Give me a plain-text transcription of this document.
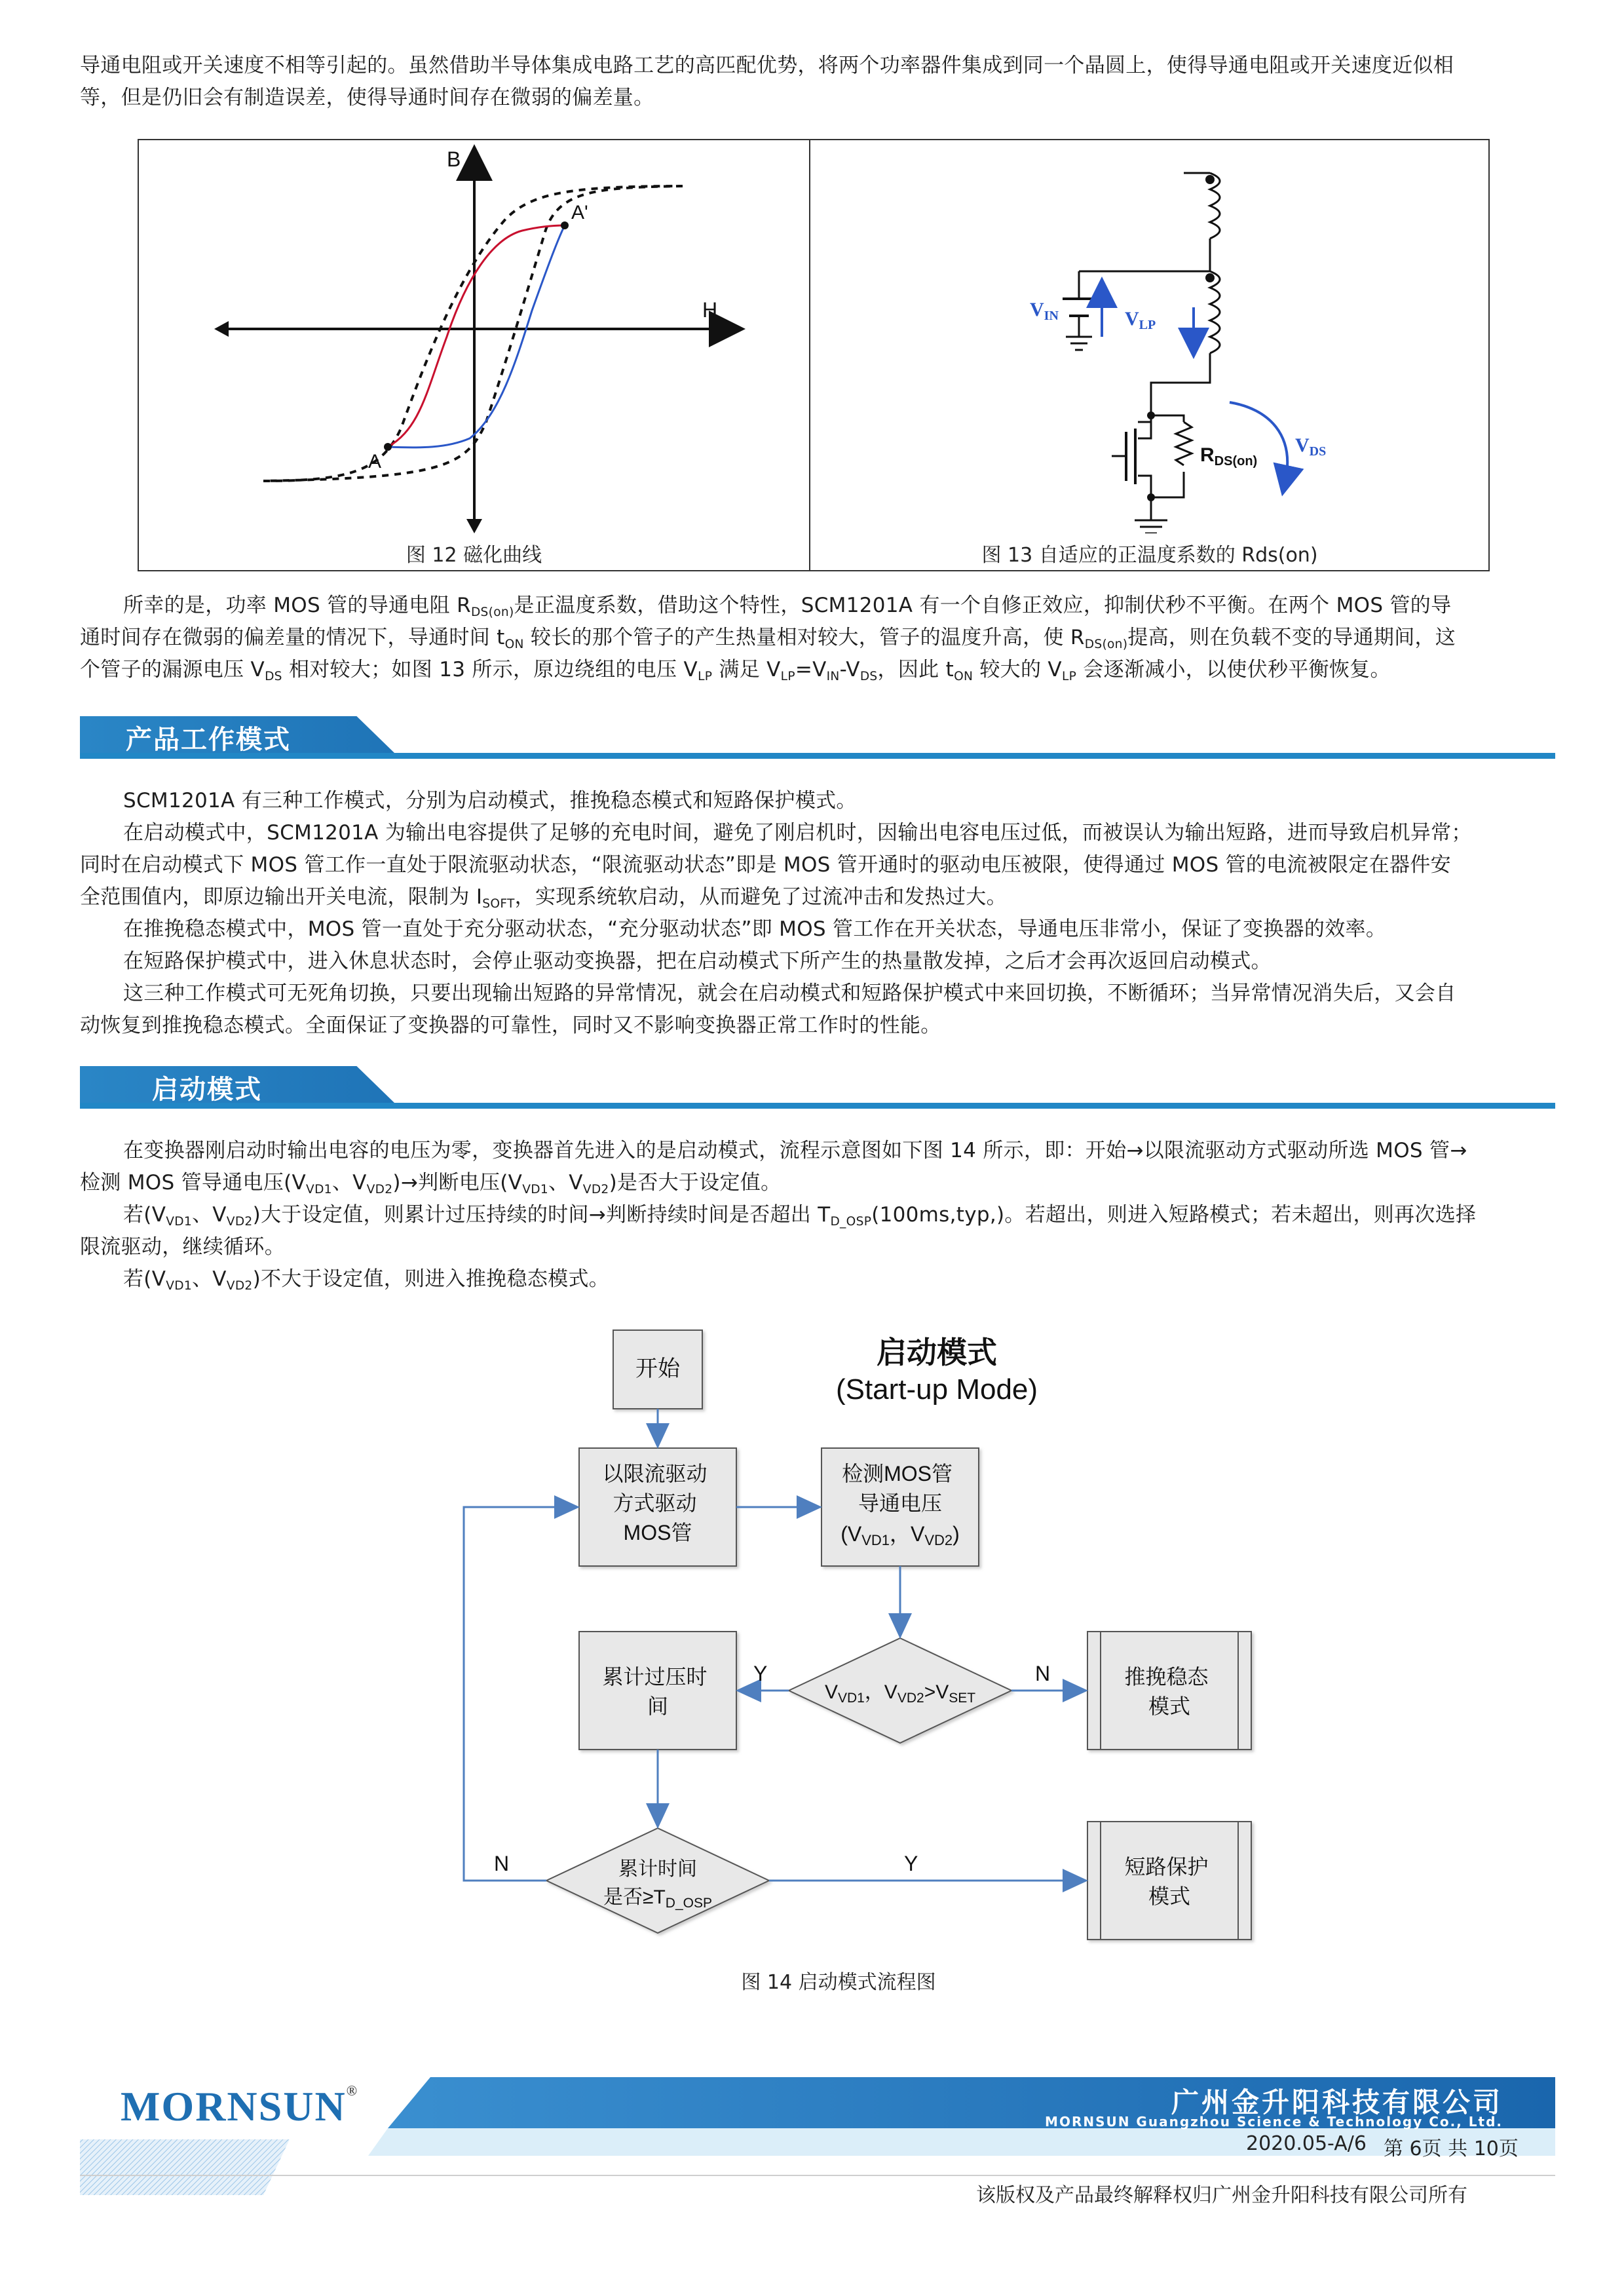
导通电阻或开关速度不相等引起的。虽然借助半导体集成电路工艺的高匹配优势，将两个功率器件集成到同一个晶圆上，使得导通电阻或开关速度近似相
等，但是仍旧会有制造误差，使得导通时间存在微弱的偏差量。
B
H
A
A'
图 12 磁化曲线
$V_{IN}$	$V_{LP}$
$R_{DS(on)}$
$V_{DS}$
图 13 自适应的正温度系数的 Rds(on)
所幸的是，功率 MOS 管的导通电阻 $R_{DS(on)}$是正温度系数，借助这个特性，SCM1201A 有一个自修正效应，抑制伏秒不平衡。在两个 MOS 管的导
通时间存在微弱的偏差量的情况下，导通时间 $t_{ON}$ 较长的那个管子的产生热量相对较大，管子的温度升高，使 $R_{DS(on)}$提高，则在负载不变的导通期间，这
个管子的漏源电压 $V_{DS}$ 相对较大；如图 13 所示，原边绕组的电压 $V_{LP}$ 满足 $V_{LP}=V_{IN}-V_{DS}$，因此 $t_{ON}$ 较大的 $V_{LP}$ 会逐渐减小，以使伏秒平衡恢复。
产品工作模式
SCM1201A 有三种工作模式，分别为启动模式，推挽稳态模式和短路保护模式。
在启动模式中，SCM1201A 为输出电容提供了足够的充电时间，避免了刚启机时，因输出电容电压过低，而被误认为输出短路，进而导致启机异常；
同时在启动模式下 MOS 管工作一直处于限流驱动状态，“限流驱动状态”即是 MOS 管开通时的驱动电压被限，使得通过 MOS 管的电流被限定在器件安
全范围值内，即原边输出开关电流，限制为 $I_{SOFT}$，实现系统软启动，从而避免了过流冲击和发热过大。
在推挽稳态模式中，MOS 管一直处于充分驱动状态，“充分驱动状态”即 MOS 管工作在开关状态，导通电压非常小，保证了变换器的效率。
在短路保护模式中，进入休息状态时，会停止驱动变换器，把在启动模式下所产生的热量散发掉，之后才会再次返回启动模式。
这三种工作模式可无死角切换，只要出现输出短路的异常情况，就会在启动模式和短路保护模式中来回切换，不断循环；当异常情况消失后，又会自
动恢复到推挽稳态模式。全面保证了变换器的可靠性，同时又不影响变换器正常工作时的性能。
启动模式
在变换器刚启动时输出电容的电压为零，变换器首先进入的是启动模式，流程示意图如下图 14 所示，即：开始→以限流驱动方式驱动所选 MOS 管→
检测 MOS 管导通电压($V_{VD1}$、$V_{VD2})\to$判断电压($V_{VD1}$、$V_{VD2}$)是否大于设定值。
若($V_{VD1}$、$V_{VD2}$)大于设定值，则累计过压持续的时间→判断持续时间是否超出 $T_{D\_OSP}(100ms,typ,)$。若超出，则进入短路模式；若未超出，则再次选择
限流驱动，继续循环。
若($V_{VD1}$、$V_{VD2}$)不大于设定值，则进入推挽稳态模式。
启动模式
(Start-up Mode)
开始
以限流驱动 方式驱动 MOS管
检测MOS管 导通电压
(VVD1，VVD2)
$V_{VD1}$，$V_{VD2}>V_{SET}$
累计过压时 间
推挽稳态 模式
累计时间
是否$\ge T_{D\_OSP}$
短路保护 模式
Y	N
Y
N
图 14 启动模式流程图
MORNSUN®	广州金升阳科技有限公司
MORNSUN Guangzhou Science & Technology Co., Ltd.
2020.05-A/6 第 6页 共 10页
该版权及产品最终解释权归广州金升阳科技有限公司所有
